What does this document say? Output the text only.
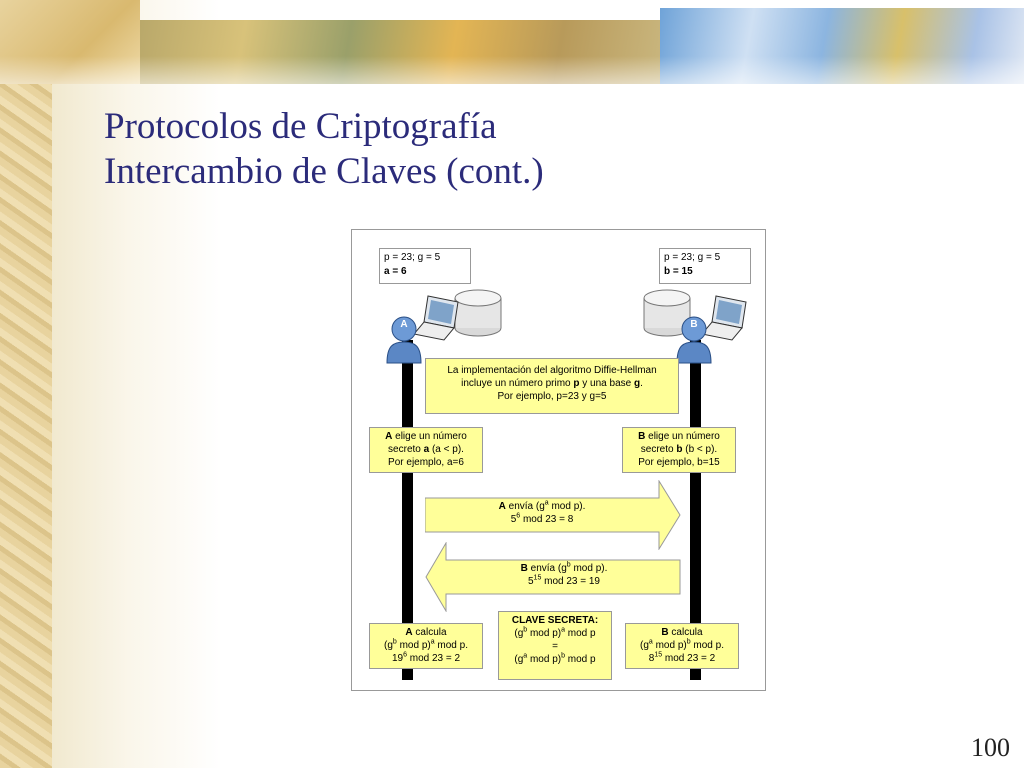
Protocolos de Criptografía
Intercambio de Claves (cont.)
p = 23; g = 5
a = 6
p = 23; g = 5
b = 15
A	B
La implementación del algoritmo Diffie-Hellman
incluye un número primo p y una base g.
Por ejemplo, p=23 y g=5
A elige un número
secreto a (a < p).
Por ejemplo, a=6
B elige un número
secreto b (b < p).
Por ejemplo, b=15
A envía ($g^a$ mod p).
$5^6$ mod 23 = 8
B envía ($g^b$ mod p).
$5^{15}$ mod 23 = 19
A calcula
($g^b$ mod p)$^a$ mod p.
$19^6$ mod 23 = 2
CLAVE SECRETA:
($g^b$ mod p)$^a$ mod p
=
($g^a$ mod p)$^b$ mod p
B calcula
($g^a$ mod p)$^b$ mod p.
$8^{15}$ mod 23 = 2
100
